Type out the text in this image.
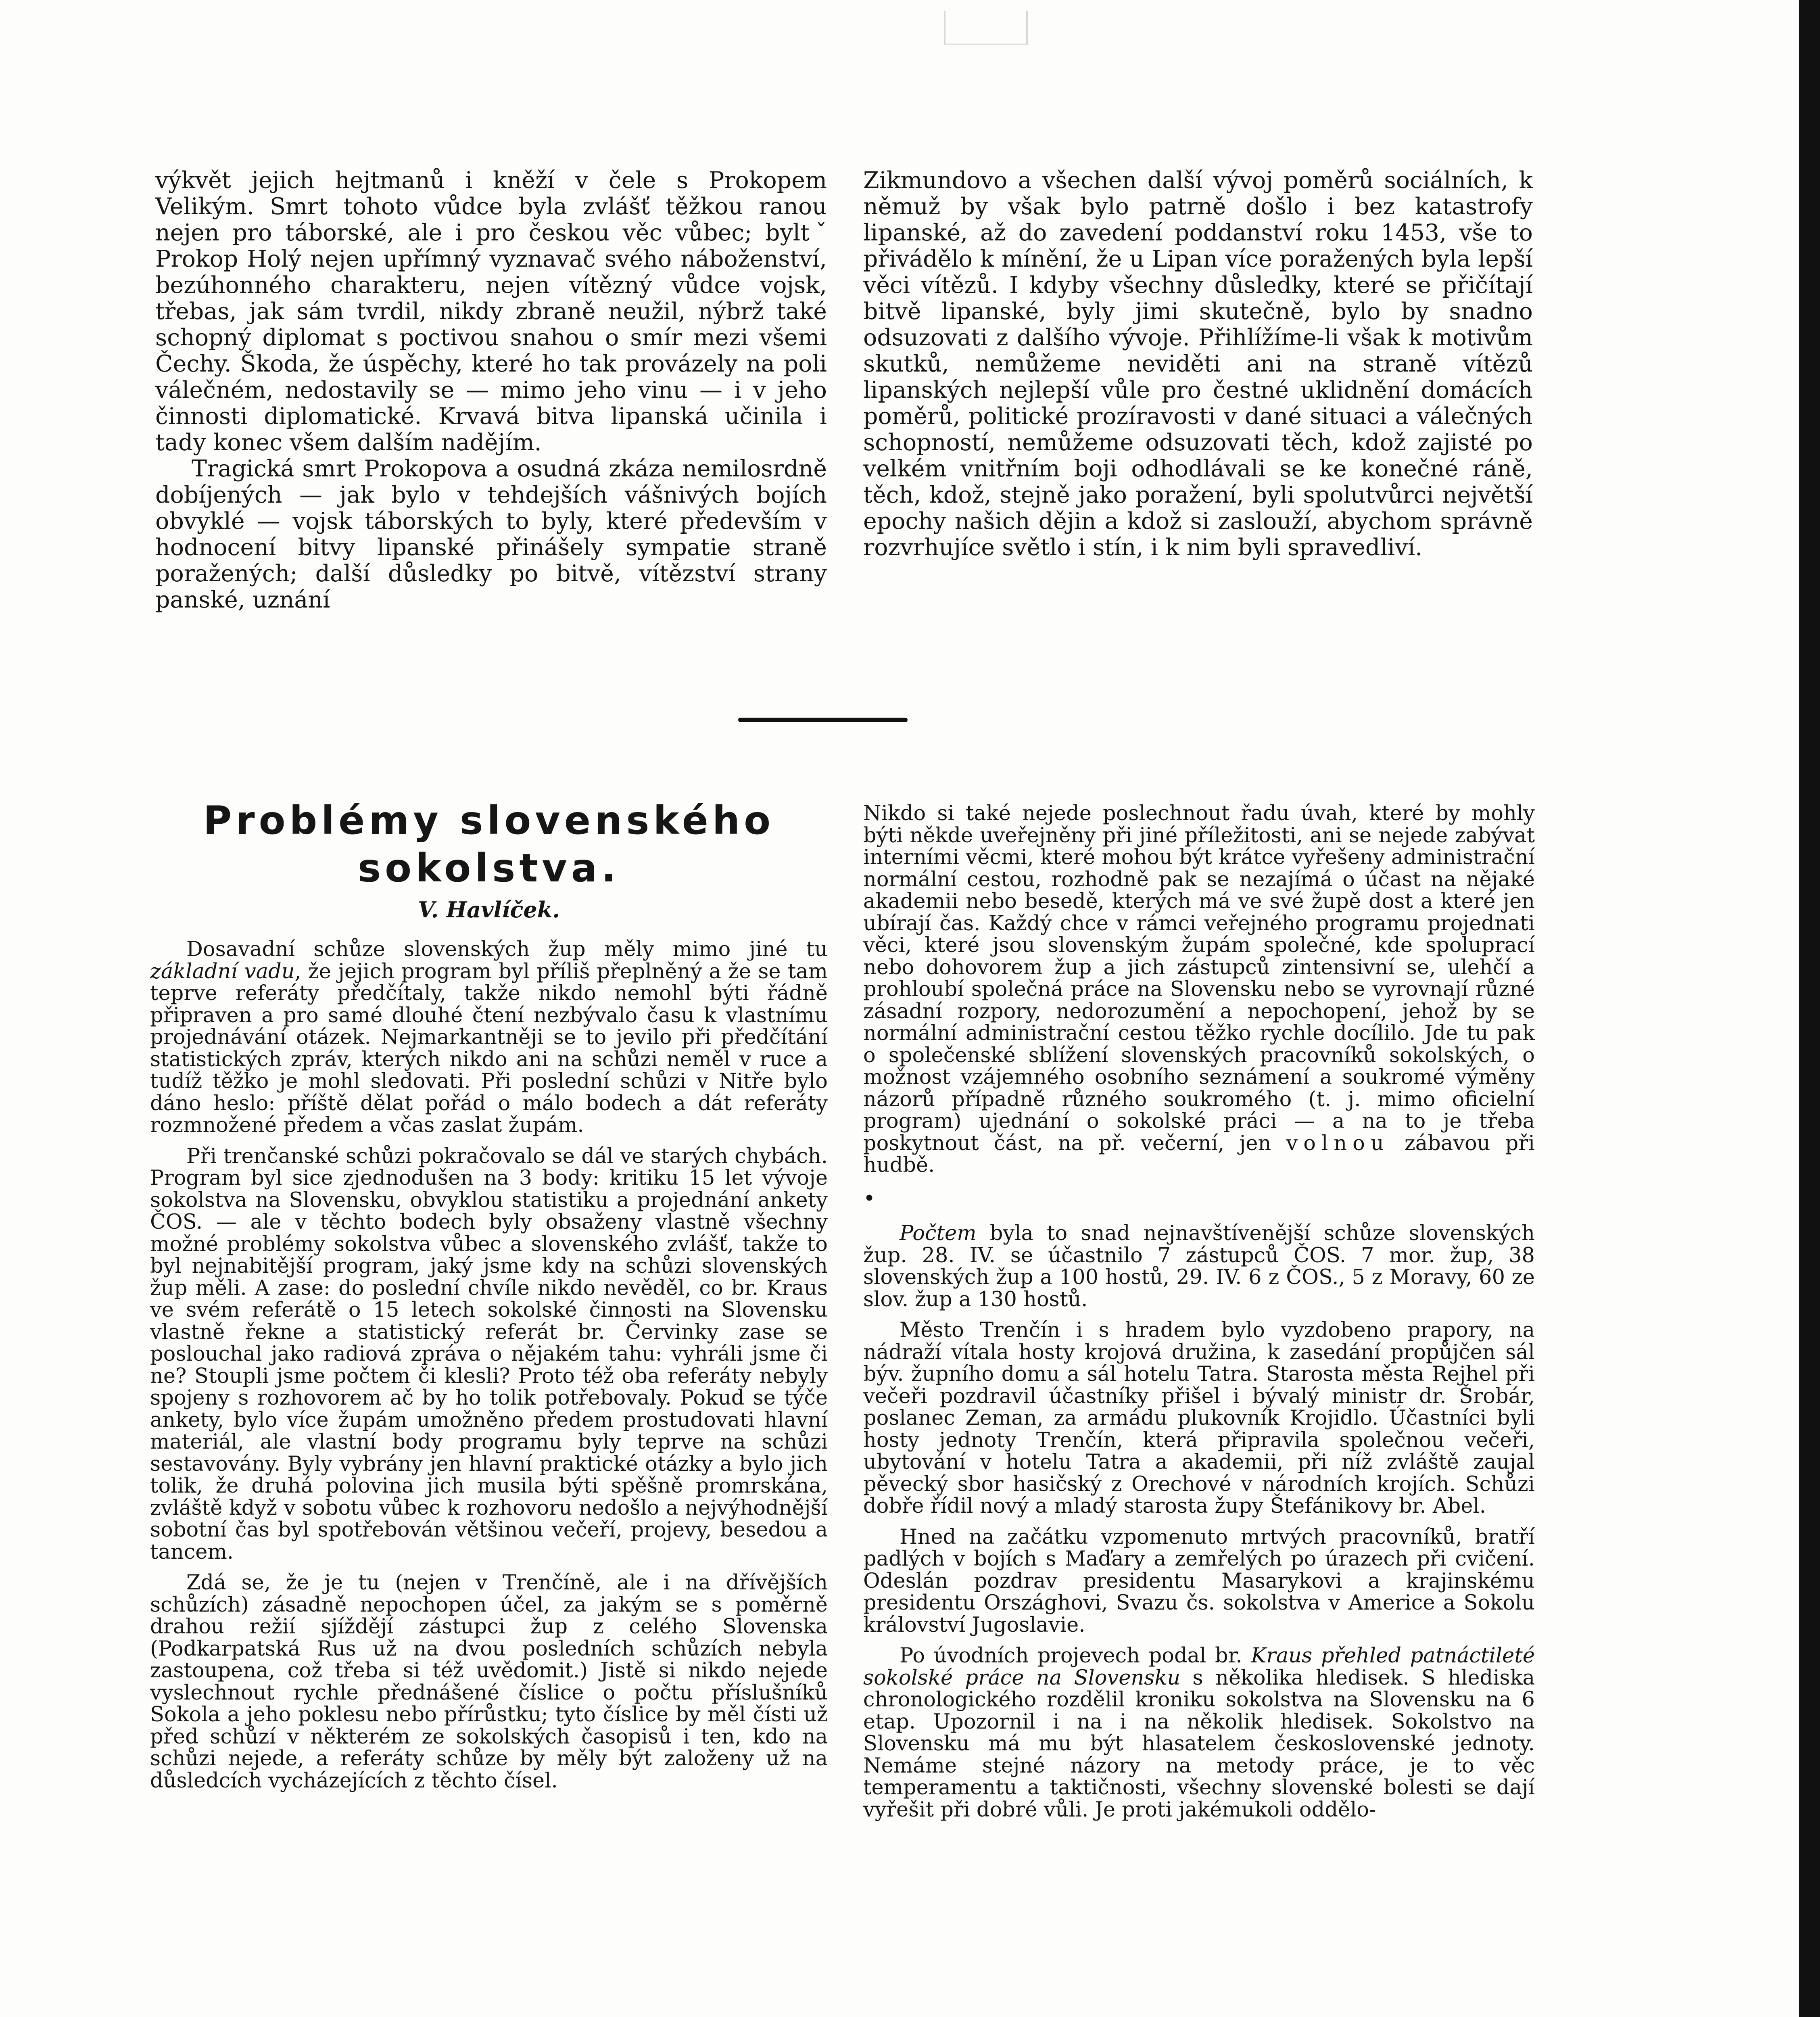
výkvět jejich hejtmanů i kněží v čele s Prokopem Velikým. Smrt tohoto vůdce byla zvlášť těžkou ranou nejen pro táborské, ale i pro českou věc vůbec; byltˇ Prokop Holý nejen upřímný vyznavač svého náboženství, bezúhonného charakteru, nejen vítězný vůdce vojsk, třebas, jak sám tvrdil, nikdy zbraně neužil, nýbrž také schopný diplomat s poctivou snahou o smír mezi všemi Čechy. Škoda, že úspěchy, které ho tak provázely na poli válečném, nedostavily se — mimo jeho vinu — i v jeho činnosti diplomatické. Krvavá bitva lipanská učinila i tady konec všem dalším nadějím.

Tragická smrt Prokopova a osudná zkáza nemilosrdně dobíjených — jak bylo v tehdejších vášnivých bojích obvyklé — vojsk táborských to byly, které především v hodnocení bitvy lipanské přinášely sympatie straně poražených; další důsledky po bitvě, vítězství strany panské, uznání

Zikmundovo a všechen další vývoj poměrů sociálních, k němuž by však bylo patrně došlo i bez katastrofy lipanské, až do zavedení poddanství roku 1453, vše to přivádělo k mínění, že u Lipan více poražených byla lepší věci vítězů. I kdyby všechny důsledky, které se přičítají bitvě lipanské, byly jimi skutečně, bylo by snadno odsuzovati z dalšího vývoje. Přihlížíme-li však k motivům skutků, nemůžeme neviděti ani na straně vítězů lipanských nejlepší vůle pro čestné uklidnění domácích poměrů, politické prozíravosti v dané situaci a válečných schopností, nemůžeme odsuzovati těch, kdož zajisté po velkém vnitřním boji odhodlávali se ke konečné ráně, těch, kdož, stejně jako poražení, byli spolutvůrci největší epochy našich dějin a kdož si zaslouží, abychom správně rozvrhujíce světlo i stín, i k nim byli spravedliví.

Problémy slovenského
sokolstva.
V. Havlíček.

Dosavadní schůze slovenských žup měly mimo jiné tu základní vadu, že jejich program byl příliš přeplněný a že se tam teprve referáty předčítaly, takže nikdo nemohl býti řádně připraven a pro samé dlouhé čtení nezbývalo času k vlastnímu projednávání otázek. Nejmarkantněji se to jevilo při předčítání statistických zpráv, kterých nikdo ani na schůzi neměl v ruce a tudíž těžko je mohl sledovati. Při poslední schůzi v Nitře bylo dáno heslo: příště dělat pořád o málo bodech a dát referáty rozmnožené předem a včas zaslat župám.

Při trenčanské schůzi pokračovalo se dál ve starých chybách. Program byl sice zjednodušen na 3 body: kritiku 15 let vývoje sokolstva na Slovensku, obvyklou statistiku a projednání ankety ČOS. — ale v těchto bodech byly obsaženy vlastně všechny možné problémy sokolstva vůbec a slovenského zvlášť, takže to byl nejnabitější program, jaký jsme kdy na schůzi slovenských žup měli. A zase: do poslední chvíle nikdo nevěděl, co br. Kraus ve svém referátě o 15 letech sokolské činnosti na Slovensku vlastně řekne a statistický referát br. Červinky zase se poslouchal jako radiová zpráva o nějakém tahu: vyhráli jsme či ne? Stoupli jsme počtem či klesli? Proto též oba referáty nebyly spojeny s rozhovorem ač by ho tolik potřebovaly. Pokud se týče ankety, bylo více župám umožněno předem prostudovati hlavní materiál, ale vlastní body programu byly teprve na schůzi sestavovány. Byly vybrány jen hlavní praktické otázky a bylo jich tolik, že druhá polovina jich musila býti spěšně promrskána, zvláště když v sobotu vůbec k rozhovoru nedošlo a nejvýhodnější sobotní čas byl spotřebován většinou večeří, projevy, besedou a tancem.

Zdá se, že je tu (nejen v Trenčíně, ale i na dřívějších schůzích) zásadně nepochopen účel, za jakým se s poměrně drahou režií sjíždějí zástupci žup z celého Slovenska (Podkarpatská Rus už na dvou posledních schůzích nebyla zastoupena, což třeba si též uvědomit.) Jistě si nikdo nejede vyslechnout rychle přednášené číslice o počtu příslušníků Sokola a jeho poklesu nebo přírůstku; tyto číslice by měl čísti už před schůzí v některém ze sokolských časopisů i ten, kdo na schůzi nejede, a referáty schůze by měly být založeny už na důsledcích vycházejících z těchto čísel.

Nikdo si také nejede poslechnout řadu úvah, které by mohly býti někde uveřejněny při jiné příležitosti, ani se nejede zabývat interními věcmi, které mohou být krátce vyřešeny administrační normální cestou, rozhodně pak se nezajímá o účast na nějaké akademii nebo besedě, kterých má ve své župě dost a které jen ubírají čas. Každý chce v rámci veřejného programu projednati věci, které jsou slovenským župám společné, kde spoluprací nebo dohovorem žup a jich zástupců zintensivní se, ulehčí a prohloubí společná práce na Slovensku nebo se vyrovnají různé zásadní rozpory, nedorozumění a nepochopení, jehož by se normální administrační cestou těžko rychle docílilo. Jde tu pak o společenské sblížení slovenských pracovníků sokolských, o možnost vzájemného osobního seznámení a soukromé výměny názorů případně různého soukromého (t. j. mimo oficielní program) ujednání o sokolské práci — a na to je třeba poskytnout část, na př. večerní, jen volnou zábavou při hudbě.

•

Počtem byla to snad nejnavštívenější schůze slovenských žup. 28. IV. se účastnilo 7 zástupců ČOS. 7 mor. žup, 38 slovenských žup a 100 hostů, 29. IV. 6 z ČOS., 5 z Moravy, 60 ze slov. žup a 130 hostů.

Město Trenčín i s hradem bylo vyzdobeno prapory, na nádraží vítala hosty krojová družina, k zasedání propůjčen sál býv. župního domu a sál hotelu Tatra. Starosta města Rejhel při večeři pozdravil účastníky přišel i bývalý ministr dr. Šrobár, poslanec Zeman, za armádu plukovník Krojidlo. Účastníci byli hosty jednoty Trenčín, která připravila společnou večeři, ubytování v hotelu Tatra a akademii, při níž zvláště zaujal pěvecký sbor hasičský z Orechové v národních krojích. Schůzi dobře řídil nový a mladý starosta župy Štefánikovy br. Abel.

Hned na začátku vzpomenuto mrtvých pracovníků, bratří padlých v bojích s Maďary a zemřelých po úrazech při cvičení. Odeslán pozdrav presidentu Masarykovi a krajinskému presidentu Országhovi, Svazu čs. sokolstva v Americe a Sokolu království Jugoslavie.

Po úvodních projevech podal br. Kraus přehled patnáctileté sokolské práce na Slovensku s několika hledisek. S hlediska chronologického rozdělil kroniku sokolstva na Slovensku na 6 etap. Upozornil i na i na několik hledisek. Sokolstvo na Slovensku má mu být hlasatelem československé jednoty. Nemáme stejné názory na metody práce, je to věc temperamentu a taktičnosti, všechny slovenské bolesti se dají vyřešit při dobré vůli. Je proti jakémukoli oddělo-
